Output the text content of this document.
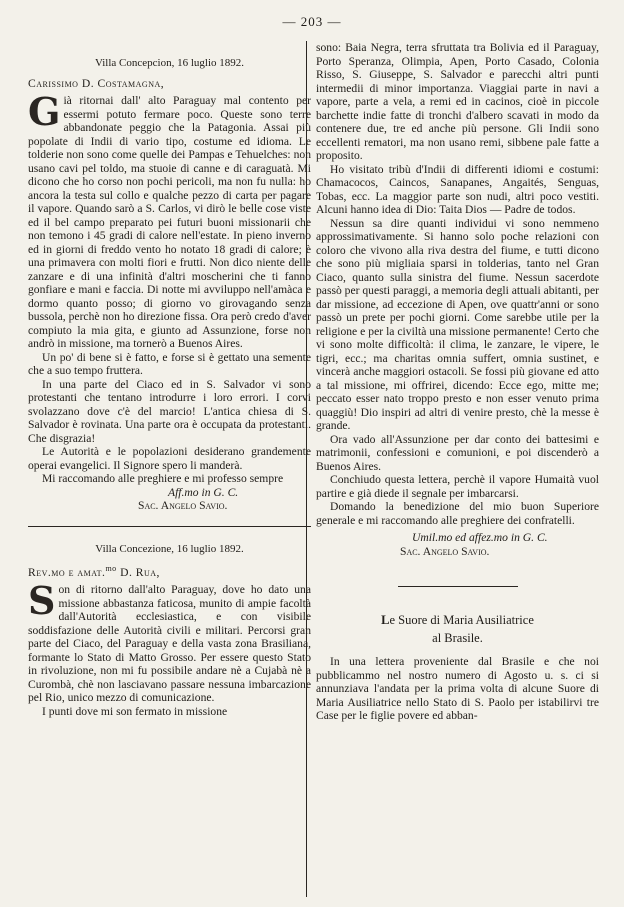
— 203 —

Villa Concepcion, 16 luglio 1892.

Carissimo D. Costamagna,

Già ritornai dall' alto Paraguay mal contento per essermi potuto fermare poco. Queste sono terre abbandonate peggio che la Patagonia. Assai più popolate di Indii di vario tipo, costume ed idioma. Le tolderie non sono come quelle dei Pampas e Tehuelches: non usano cavi pel toldo, ma stuoie di canne e di caraguatà. Mi dicono che ho corso non pochi pericoli, ma non fu nulla: ho ancora la testa sul collo e qualche pezzo di carta per pagare il vapore. Quando sarò a S. Carlos, vi dirò le belle cose viste ed il bel campo preparato pei futuri buoni missionarii che non temono i 45 gradi di calore nell'estate. In pieno inverno ed in giorni di freddo vento ho notato 18 gradi di calore; è una primavera con molti fiori e frutti. Non dico niente delle zanzare e di una infinità d'altri moscherini che ti fanno gonfiare e mani e faccia. Di notte mi avviluppo nell'amàca e dormo quanto posso; di giorno vo girovagando senza bussola, perchè non ho direzione fissa. Ora però credo d'aver compiuto la mia gita, e giunto ad Assunzione, forse non andrò in missione, ma tornerò a Buenos Aires.

Un po' di bene si è fatto, e forse si è gettato una semente che a suo tempo fruttera.

In una parte del Ciaco ed in S. Salvador vi sono protestanti che tentano introdurre i loro errori. I corvi svolazzano dove c'è del marcio! L'antica chiesa di S. Salvador è rovinata. Una parte ora è occupata da protestanti. Che disgrazia!

Le Autorità e le popolazioni desiderano grandemente operai evangelici. Il Signore spero li manderà.

Mi raccomando alle preghiere e mi professo sempre

Aff.mo in G. C.

Sac. Angelo Savio.

Villa Concezione, 16 luglio 1892.

Rev.mo e amat.$^{mo}$ D. Rua,

Son di ritorno dall'alto Paraguay, dove ho dato una missione abbastanza faticosa, munito di ampie facoltà dall'Autorità ecclesiastica, e con visibile soddisfazione delle Autorità civili e militari. Percorsi gran parte del Ciaco, del Paraguay e della vasta zona Brasiliana, formante lo Stato di Matto Grosso. Per essere questo Stato in rivoluzione, non mi fu possibile andare nè a Cujabà nè a Curombà, chè non lasciavano passare nessuna imbarcazione pel Rio, unico mezzo di comunicazione.

I punti dove mi son fermato in missione

sono: Baia Negra, terra sfruttata tra Bolivia ed il Paraguay, Porto Speranza, Olimpia, Apen, Porto Casado, Colonia Risso, S. Giuseppe, S. Salvador e parecchi altri punti intermedii di minor importanza. Viaggiai parte in navi a vapore, parte a vela, a remi ed in cacinos, cioè in piccole barchette indie fatte di tronchi d'albero scavati in modo da contenere due, tre ed anche più persone. Gli Indii sono eccellenti rematori, ma non usano remi, sibbene pale fatte a proposito.

Ho visitato tribù d'Indii di differenti idiomi e costumi: Chamacocos, Caincos, Sanapanes, Angaités, Senguas, Tobas, ecc. La maggior parte son nudi, altri poco vestiti. Alcuni hanno idea di Dio: Taita Dios — Padre de todos.

Nessun sa dire quanti individui vi sono nemmeno approssimativamente. Si hanno solo poche relazioni con coloro che vivono alla riva destra del fiume, e tutti dicono che sono più migliaia sparsi in tolderias, tanto nel Gran Ciaco, quanto sulla sinistra del fiume. Nessun sacerdote passò per questi paraggi, a memoria degli attuali abitanti, per dar missione, ad eccezione di Apen, ove quattr'anni or sono passò un prete per pochi giorni. Come sarebbe utile per la religione e per la civiltà una missione permanente! Certo che vi sono molte difficoltà: il clima, le zanzare, le vipere, le tigri, ecc.; ma charitas omnia suffert, omnia sustinet, e vincerà anche maggiori ostacoli. Se fossi più giovane ed atto a tal missione, mi offrirei, dicendo: Ecce ego, mitte me; peccato esser nato troppo presto e non esser venuto prima quaggiù! Dio inspiri ad altri di venire presto, chè la messe è grande.

Ora vado all'Assunzione per dar conto dei battesimi e matrimonii, confessioni e comunioni, e poi discenderò a Buenos Aires.

Conchiudo questa lettera, perchè il vapore Humaità vuol partire e già diede il segnale per imbarcarsi.

Domando la benedizione del mio buon Superiore generale e mi raccomando alle preghiere dei confratelli.

Umil.mo ed affez.mo in G. C.

Sac. Angelo Savio.

Le Suore di Maria Ausiliatrice

al Brasile.

In una lettera proveniente dal Brasile e che noi pubblicammo nel nostro numero di Agosto u. s. ci si annunziava l'andata per la prima volta di alcune Suore di Maria Ausiliatrice nello Stato di S. Paolo per istabilirvi tre Case per le figlie povere ed abban-
